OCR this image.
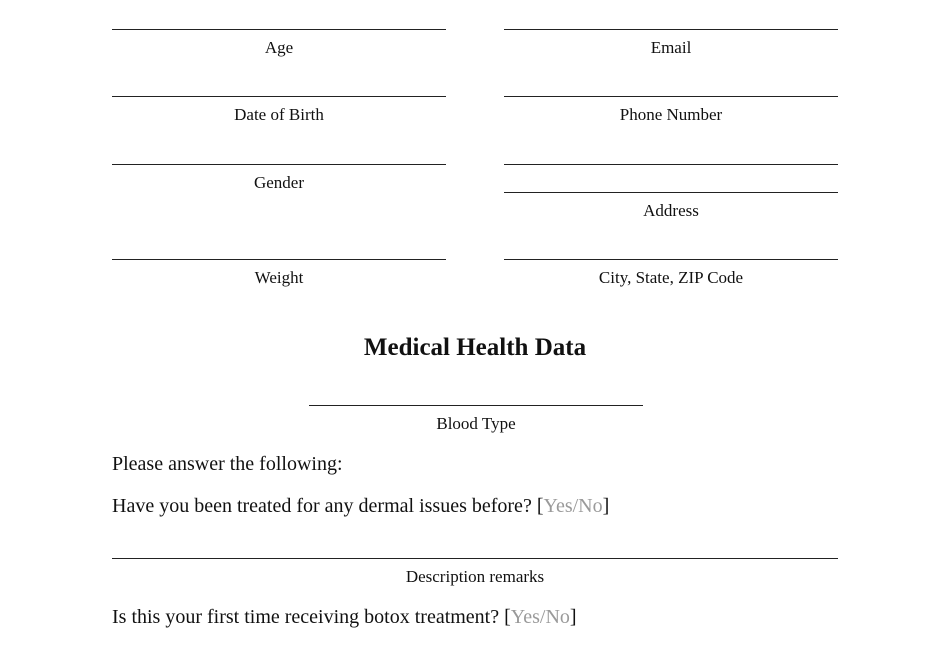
Age
Date of Birth
Gender
Weight
Email
Phone Number
Address
City, State, ZIP Code
Medical Health Data
Blood Type
Please answer the following:
Have you been treated for any dermal issues before? [Yes/No]
Description remarks
Is this your first time receiving botox treatment? [Yes/No]
